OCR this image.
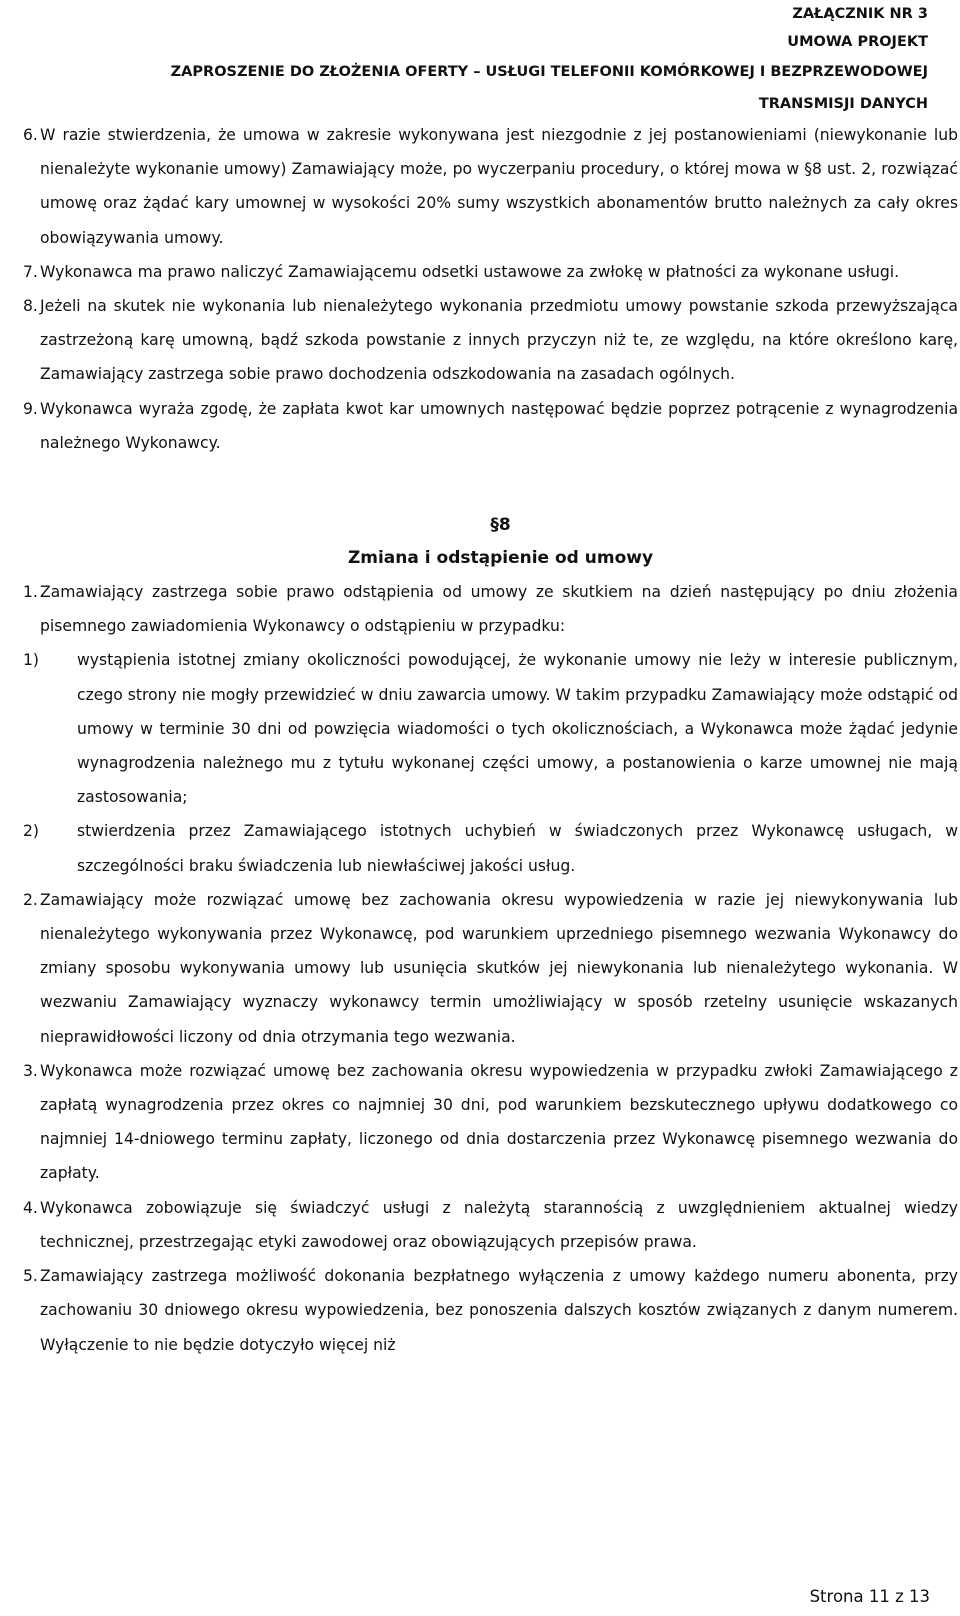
ZAŁĄCZNIK NR 3
UMOWA PROJEKT
ZAPROSZENIE DO ZŁOŻENIA OFERTY – USŁUGI TELEFONII KOMÓRKOWEJ I BEZPRZEWODOWEJ
TRANSMISJI DANYCH
6. W razie stwierdzenia, że umowa w zakresie wykonywana jest niezgodnie z jej postanowieniami (niewykonanie lub nienależyte wykonanie umowy) Zamawiający może, po wyczerpaniu procedury, o której mowa w §8 ust. 2, rozwiązać umowę oraz żądać kary umownej w wysokości 20% sumy wszystkich abonamentów brutto należnych za cały okres obowiązywania umowy.
7. Wykonawca ma prawo naliczyć Zamawiającemu odsetki ustawowe za zwłokę w płatności za wykonane usługi.
8. Jeżeli na skutek nie wykonania lub nienależytego wykonania przedmiotu umowy powstanie szkoda przewyższająca zastrzeżoną karę umowną, bądź szkoda powstanie z innych przyczyn niż te, ze względu, na które określono karę, Zamawiający zastrzega sobie prawo dochodzenia odszkodowania na zasadach ogólnych.
9. Wykonawca wyraża zgodę, że zapłata kwot kar umownych następować będzie poprzez potrącenie z wynagrodzenia należnego Wykonawcy.
§8
Zmiana i odstąpienie od umowy
1. Zamawiający zastrzega sobie prawo odstąpienia od umowy ze skutkiem na dzień następujący po dniu złożenia pisemnego zawiadomienia Wykonawcy o odstąpieniu w przypadku:
1) wystąpienia istotnej zmiany okoliczności powodującej, że wykonanie umowy nie leży w interesie publicznym, czego strony nie mogły przewidzieć w dniu zawarcia umowy. W takim przypadku Zamawiający może odstąpić od umowy w terminie 30 dni od powzięcia wiadomości o tych okolicznościach, a Wykonawca może żądać jedynie wynagrodzenia należnego mu z tytułu wykonanej części umowy, a postanowienia o karze umownej nie mają zastosowania;
2) stwierdzenia przez Zamawiającego istotnych uchybień w świadczonych przez Wykonawcę usługach, w szczególności braku świadczenia lub niewłaściwej jakości usług.
2. Zamawiający może rozwiązać umowę bez zachowania okresu wypowiedzenia w razie jej niewykonywania lub nienależytego wykonywania przez Wykonawcę, pod warunkiem uprzedniego pisemnego wezwania Wykonawcy do zmiany sposobu wykonywania umowy lub usunięcia skutków jej niewykonania lub nienależytego wykonania. W wezwaniu Zamawiający wyznaczy wykonawcy termin umożliwiający w sposób rzetelny usunięcie wskazanych nieprawidłowości liczony od dnia otrzymania tego wezwania.
3. Wykonawca może rozwiązać umowę bez zachowania okresu wypowiedzenia w przypadku zwłoki Zamawiającego z zapłatą wynagrodzenia przez okres co najmniej 30 dni, pod warunkiem bezskutecznego upływu dodatkowego co najmniej 14-dniowego terminu zapłaty, liczonego od dnia dostarczenia przez Wykonawcę pisemnego wezwania do zapłaty.
4. Wykonawca zobowiązuje się świadczyć usługi z należytą starannością z uwzględnieniem aktualnej wiedzy technicznej, przestrzegając etyki zawodowej oraz obowiązujących przepisów prawa.
5. Zamawiający zastrzega możliwość dokonania bezpłatnego wyłączenia z umowy każdego numeru abonenta, przy zachowaniu 30 dniowego okresu wypowiedzenia, bez ponoszenia dalszych kosztów związanych z danym numerem. Wyłączenie to nie będzie dotyczyło więcej niż
Strona 11 z 13
